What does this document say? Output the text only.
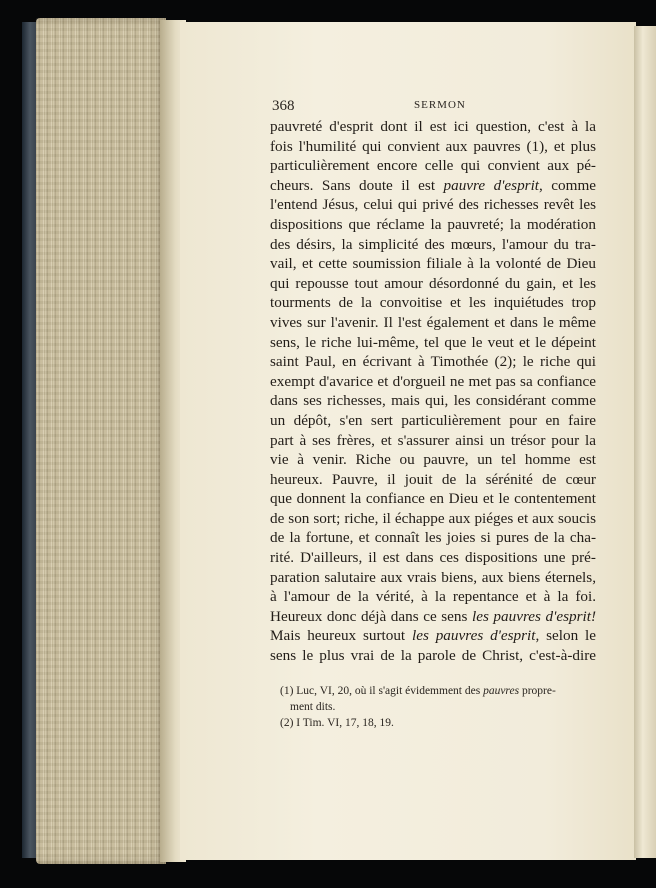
368	SERMON
pauvreté d'esprit dont il est ici question, c'est à la
fois l'humilité qui convient aux pauvres (1), et plus
particulièrement encore celle qui convient aux pé-
cheurs. Sans doute il est pauvre d'esprit, comme
l'entend Jésus, celui qui privé des richesses revêt les
dispositions que réclame la pauvreté; la modération
des désirs, la simplicité des mœurs, l'amour du tra-
vail, et cette soumission filiale à la volonté de Dieu
qui repousse tout amour désordonné du gain, et les
tourments de la convoitise et les inquiétudes trop
vives sur l'avenir. Il l'est également et dans le même
sens, le riche lui-même, tel que le veut et le dépeint
saint Paul, en écrivant à Timothée (2); le riche qui
exempt d'avarice et d'orgueil ne met pas sa confiance
dans ses richesses, mais qui, les considérant comme
un dépôt, s'en sert particulièrement pour en faire
part à ses frères, et s'assurer ainsi un trésor pour la
vie à venir. Riche ou pauvre, un tel homme est
heureux. Pauvre, il jouit de la sérénité de cœur
que donnent la confiance en Dieu et le contentement
de son sort; riche, il échappe aux piéges et aux soucis
de la fortune, et connaît les joies si pures de la cha-
rité. D'ailleurs, il est dans ces dispositions une pré-
paration salutaire aux vrais biens, aux biens éternels,
à l'amour de la vérité, à la repentance et à la foi.
Heureux donc déjà dans ce sens les pauvres d'esprit!
Mais heureux surtout les pauvres d'esprit, selon le
sens le plus vrai de la parole de Christ, c'est-à-dire
(1) Luc, VI, 20, où il s'agit évidemment des pauvres propre-
ment dits.
(2) I Tim. VI, 17, 18, 19.
